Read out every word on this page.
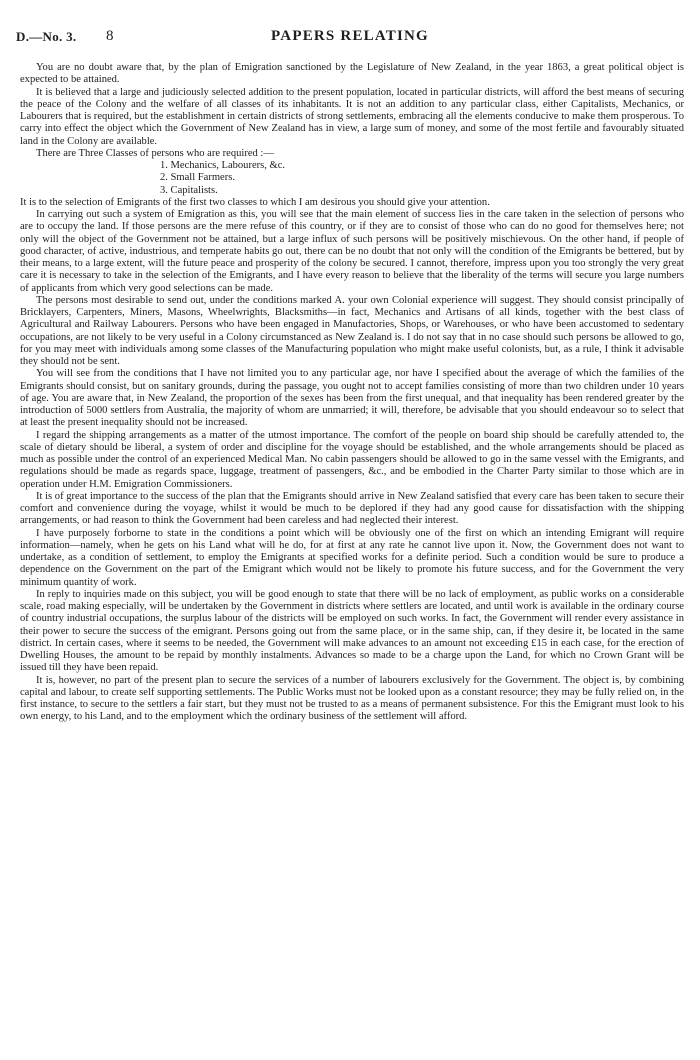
D.—No. 3. 8	PAPERS RELATING

You are no doubt aware that, by the plan of Emigration sanctioned by the Legislature of New Zealand, in the year 1863, a great political object is expected to be attained.

It is believed that a large and judiciously selected addition to the present population, located in particular districts, will afford the best means of securing the peace of the Colony and the welfare of all classes of its inhabitants. It is not an addition to any particular class, either Capitalists, Mechanics, or Labourers that is required, but the establishment in certain districts of strong settlements, embracing all the elements conducive to make them prosperous. To carry into effect the object which the Government of New Zealand has in view, a large sum of money, and some of the most fertile and favourably situated land in the Colony are available.

There are Three Classes of persons who are required :—

1. Mechanics, Labourers, &c.
2. Small Farmers.
3. Capitalists.

It is to the selection of Emigrants of the first two classes to which I am desirous you should give your attention.

In carrying out such a system of Emigration as this, you will see that the main element of success lies in the care taken in the selection of persons who are to occupy the land. If those persons are the mere refuse of this country, or if they are to consist of those who can do no good for themselves here; not only will the object of the Government not be attained, but a large influx of such persons will be positively mischievous. On the other hand, if people of good character, of active, industrious, and temperate habits go out, there can be no doubt that not only will the condition of the Emigrants be bettered, but by their means, to a large extent, will the future peace and prosperity of the colony be secured. I cannot, therefore, impress upon you too strongly the very great care it is necessary to take in the selection of the Emigrants, and I have every reason to believe that the liberality of the terms will secure you large numbers of applicants from which very good selections can be made.

The persons most desirable to send out, under the conditions marked A. your own Colonial experience will suggest. They should consist principally of Bricklayers, Carpenters, Miners, Masons, Wheelwrights, Blacksmiths—in fact, Mechanics and Artisans of all kinds, together with the best class of Agricultural and Railway Labourers. Persons who have been engaged in Manufactories, Shops, or Warehouses, or who have been accustomed to sedentary occupations, are not likely to be very useful in a Colony circumstanced as New Zealand is. I do not say that in no case should such persons be allowed to go, for you may meet with individuals among some classes of the Manufacturing population who might make useful colonists, but, as a rule, I think it advisable they should not be sent.

You will see from the conditions that I have not limited you to any particular age, nor have I specified about the average of which the families of the Emigrants should consist, but on sanitary grounds, during the passage, you ought not to accept families consisting of more than two children under 10 years of age. You are aware that, in New Zealand, the proportion of the sexes has been from the first unequal, and that inequality has been rendered greater by the introduction of 5000 settlers from Australia, the majority of whom are unmarried; it will, therefore, be advisable that you should endeavour so to select that at least the present inequality should not be increased.

I regard the shipping arrangements as a matter of the utmost importance. The comfort of the people on board ship should be carefully attended to, the scale of dietary should be liberal, a system of order and discipline for the voyage should be established, and the whole arrangements should be placed as much as possible under the control of an experienced Medical Man. No cabin passengers should be allowed to go in the same vessel with the Emigrants, and regulations should be made as regards space, luggage, treatment of passengers, &c., and be embodied in the Charter Party similar to those which are in operation under H.M. Emigration Commissioners.

It is of great importance to the success of the plan that the Emigrants should arrive in New Zealand satisfied that every care has been taken to secure their comfort and convenience during the voyage, whilst it would be much to be deplored if they had any good cause for dissatisfaction with the shipping arrangements, or had reason to think the Government had been careless and had neglected their interest.

I have purposely forborne to state in the conditions a point which will be obviously one of the first on which an intending Emigrant will require information—namely, when he gets on his Land what will he do, for at first at any rate he cannot live upon it. Now, the Government does not want to undertake, as a condition of settlement, to employ the Emigrants at specified works for a definite period. Such a condition would be sure to produce a dependence on the Government on the part of the Emigrant which would not be likely to promote his future success, and for the Government the very minimum quantity of work.

In reply to inquiries made on this subject, you will be good enough to state that there will be no lack of employment, as public works on a considerable scale, road making especially, will be undertaken by the Government in districts where settlers are located, and until work is available in the ordinary course of country industrial occupations, the surplus labour of the districts will be employed on such works. In fact, the Government will render every assistance in their power to secure the success of the emigrant. Persons going out from the same place, or in the same ship, can, if they desire it, be located in the same district. In certain cases, where it seems to be needed, the Government will make advances to an amount not exceeding £15 in each case, for the erection of Dwelling Houses, the amount to be repaid by monthly instalments. Advances so made to be a charge upon the Land, for which no Crown Grant will be issued till they have been repaid.

It is, however, no part of the present plan to secure the services of a number of labourers exclusively for the Government. The object is, by combining capital and labour, to create self supporting settlements. The Public Works must not be looked upon as a constant resource; they may be fully relied on, in the first instance, to secure to the settlers a fair start, but they must not be trusted to as a means of permanent subsistence. For this the Emigrant must look to his own energy, to his Land, and to the employment which the ordinary business of the settlement will afford.
